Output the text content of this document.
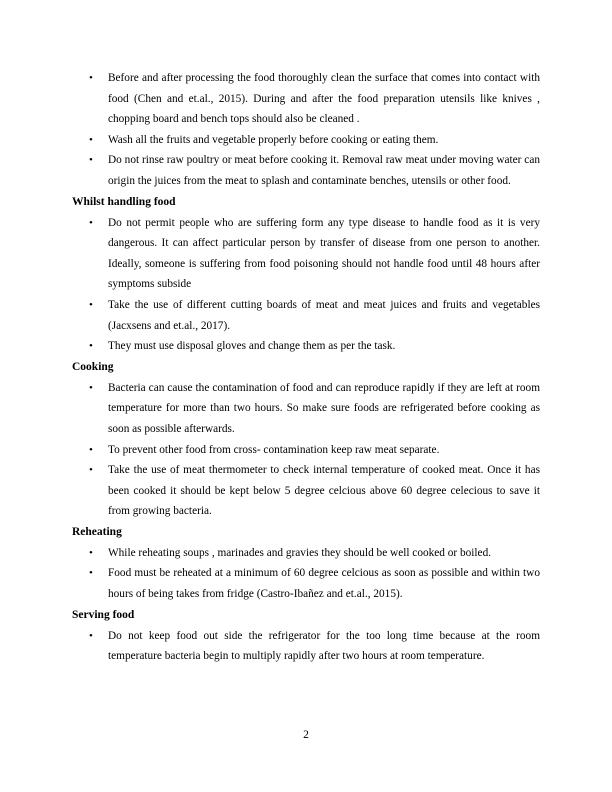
• Before and after processing the food thoroughly clean the surface that comes into contact with food (Chen and et.al., 2015). During and after the food preparation utensils like knives , chopping board and bench tops should also be cleaned .
• Wash all the fruits and vegetable properly before cooking or eating them.
• Do not rinse raw poultry or meat before cooking it. Removal raw meat under moving water can origin the juices from the meat to splash and contaminate benches, utensils or other food.

Whilst handling food

• Do not permit people who are suffering form any type disease to handle food as it is very dangerous. It can affect particular person by transfer of disease from one person to another. Ideally, someone is suffering from food poisoning should not handle food until 48 hours after symptoms subside
• Take the use of different cutting boards of meat and meat juices and fruits and vegetables (Jacxsens and et.al., 2017).
• They must use disposal gloves and change them as per the task.

Cooking

• Bacteria can cause the contamination of food and can reproduce rapidly if they are left at room temperature for more than two hours. So make sure foods are refrigerated before cooking as soon as possible afterwards.
• To prevent other food from cross- contamination keep raw meat separate.
• Take the use of meat thermometer to check internal temperature of cooked meat. Once it has been cooked it should be kept below 5 degree celcious above 60 degree celecious to save it from growing bacteria.

Reheating

• While reheating soups , marinades and gravies they should be well cooked or boiled.
• Food must be reheated at a minimum of 60 degree celcious as soon as possible and within two hours of being takes from fridge (Castro-Ibañez and et.al., 2015).

Serving food

• Do not keep food out side the refrigerator for the too long time because at the room temperature bacteria begin to multiply rapidly after two hours at room temperature.
2
